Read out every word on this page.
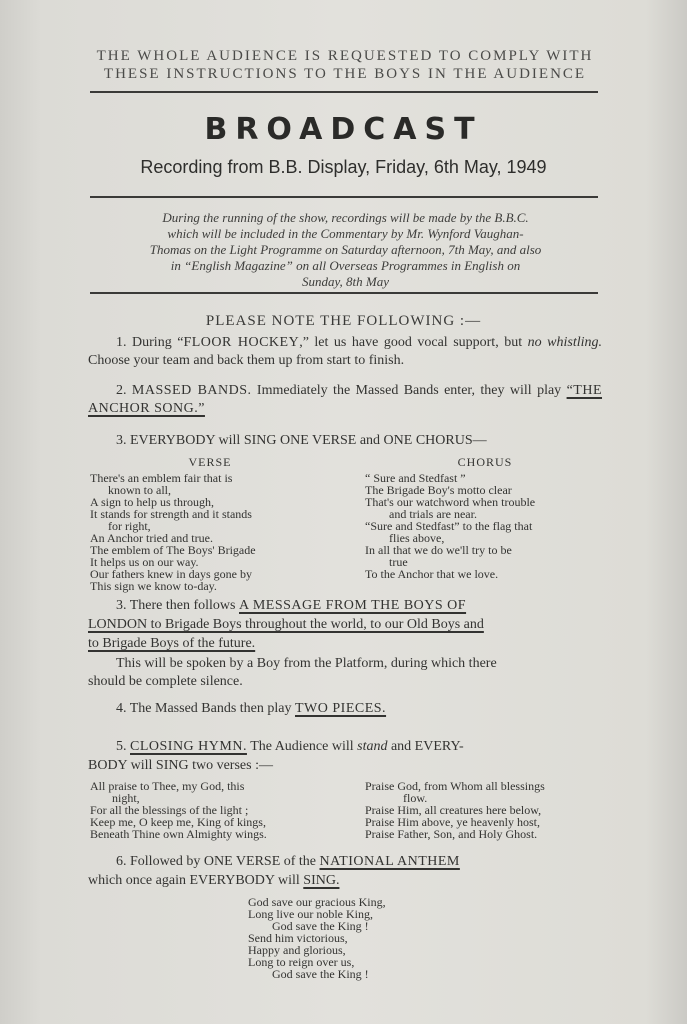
THE WHOLE AUDIENCE IS REQUESTED TO COMPLY WITH
THESE INSTRUCTIONS TO THE BOYS IN THE AUDIENCE
BROADCAST
Recording from B.B. Display, Friday, 6th May, 1949
During the running of the show, recordings will be made by the B.B.C.
which will be included in the Commentary by Mr. Wynford Vaughan-
Thomas on the Light Programme on Saturday afternoon, 7th May, and also
in “English Magazine” on all Overseas Programmes in English on
Sunday, 8th May
PLEASE NOTE THE FOLLOWING :—
1. During “FLOOR HOCKEY,” let us have good vocal support, but no whistling. Choose your team and back them up from start to finish.
2. MASSED BANDS. Immediately the Massed Bands enter, they will play “THE ANCHOR SONG.”
3. EVERYBODY will SING ONE VERSE and ONE CHORUS—
VERSE	CHORUS
There's an emblem fair that is
known to all,
A sign to help us through,
It stands for strength and it stands
for right,
An Anchor tried and true.
The emblem of The Boys' Brigade
It helps us on our way.
Our fathers knew in days gone by
This sign we know to-day.
“ Sure and Stedfast ”
The Brigade Boy's motto clear
That's our watchword when trouble
and trials are near.
“Sure and Stedfast” to the flag that
flies above,
In all that we do we'll try to be
true
To the Anchor that we love.
3. There then follows A MESSAGE FROM THE BOYS OF
LONDON to Brigade Boys throughout the world, to our Old Boys and
to Brigade Boys of the future.
This will be spoken by a Boy from the Platform, during which there
should be complete silence.
4. The Massed Bands then play TWO PIECES.
5. CLOSING HYMN. The Audience will stand and EVERY-
BODY will SING two verses :—
All praise to Thee, my God, this
night,
For all the blessings of the light ;
Keep me, O keep me, King of kings,
Beneath Thine own Almighty wings.
Praise God, from Whom all blessings
flow.
Praise Him, all creatures here below,
Praise Him above, ye heavenly host,
Praise Father, Son, and Holy Ghost.
6. Followed by ONE VERSE of the NATIONAL ANTHEM
which once again EVERYBODY will SING.
God save our gracious King,
Long live our noble King,
God save the King !
Send him victorious,
Happy and glorious,
Long to reign over us,
God save the King !
